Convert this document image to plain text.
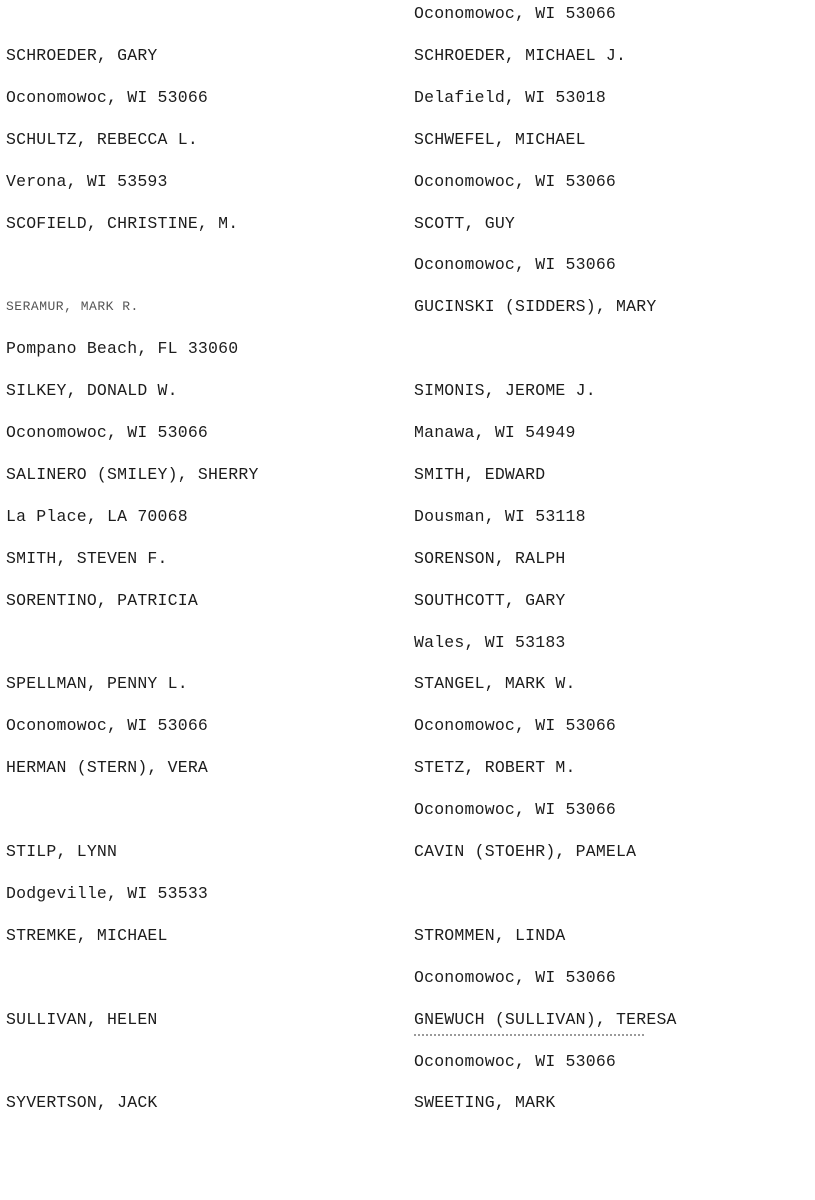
SCHROEDER, GARY
Oconomowoc, WI 53066
SCHULTZ, REBECCA L.
Verona, WI 53593
SCOFIELD, CHRISTINE, M.
SERAMUR, MARK R.
Pompano Beach, FL 33060
SILKEY, DONALD W.
Oconomowoc, WI 53066
SALINERO (SMILEY), SHERRY
La Place, LA 70068
SMITH, STEVEN F.
SORENTINO, PATRICIA
SPELLMAN, PENNY L.
Oconomowoc, WI 53066
HERMAN (STERN), VERA
STILP, LYNN
Dodgeville, WI 53533
STREMKE, MICHAEL
SULLIVAN, HELEN
SYVERTSON, JACK
Oconomowoc, WI 53066
SCHROEDER, MICHAEL J.
Delafield, WI 53018
SCHWEFEL, MICHAEL
Oconomowoc, WI 53066
SCOTT, GUY
Oconomowoc, WI 53066
GUCINSKI (SIDDERS), MARY
SIMONIS, JEROME J.
Manawa, WI 54949
SMITH, EDWARD
Dousman, WI 53118
SORENSON, RALPH
SOUTHCOTT, GARY
Wales, WI 53183
STANGEL, MARK W.
Oconomowoc, WI 53066
STETZ, ROBERT M.
Oconomowoc, WI 53066
CAVIN (STOEHR), PAMELA
STROMMEN, LINDA
Oconomowoc, WI 53066
GNEWUCH (SULLIVAN), TERESA
Oconomowoc, WI 53066
SWEETING, MARK
